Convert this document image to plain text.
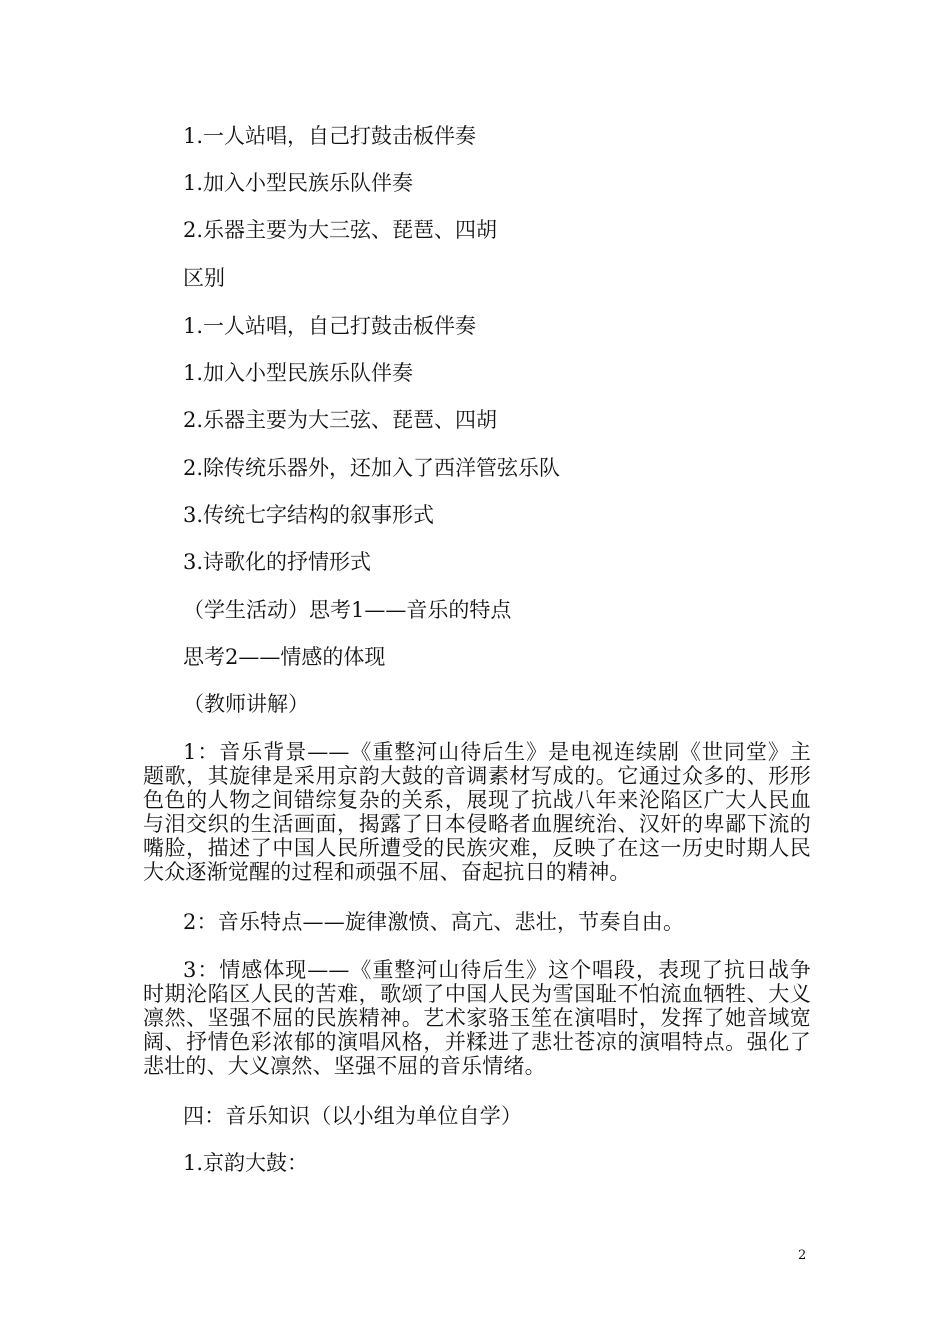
1.一人站唱，自己打鼓击板伴奏
1.加入小型民族乐队伴奏
2.乐器主要为大三弦、琵琶、四胡
区别
1.一人站唱，自己打鼓击板伴奏
1.加入小型民族乐队伴奏
2.乐器主要为大三弦、琵琶、四胡
2.除传统乐器外，还加入了西洋管弦乐队
3.传统七字结构的叙事形式
3.诗歌化的抒情形式
（学生活动）思考1——音乐的特点
思考2——情感的体现
（教师讲解）
1：音乐背景——《重整河山待后生》是电视连续剧《世同堂》主题歌，其旋律是采用京韵大鼓的音调素材写成的。它通过众多的、形形色色的人物之间错综复杂的关系，展现了抗战八年来沦陷区广大人民血与泪交织的生活画面，揭露了日本侵略者血腥统治、汉奸的卑鄙下流的嘴脸，描述了中国人民所遭受的民族灾难，反映了在这一历史时期人民大众逐渐觉醒的过程和顽强不屈、奋起抗日的精神。
2：音乐特点——旋律激愤、高亢、悲壮，节奏自由。
3：情感体现——《重整河山待后生》这个唱段，表现了抗日战争时期沦陷区人民的苦难，歌颂了中国人民为雪国耻不怕流血牺牲、大义凛然、坚强不屈的民族精神。艺术家骆玉笙在演唱时，发挥了她音域宽阔、抒情色彩浓郁的演唱风格，并糅进了悲壮苍凉的演唱特点。强化了悲壮的、大义凛然、坚强不屈的音乐情绪。
四：音乐知识（以小组为单位自学）
1.京韵大鼓：
2
